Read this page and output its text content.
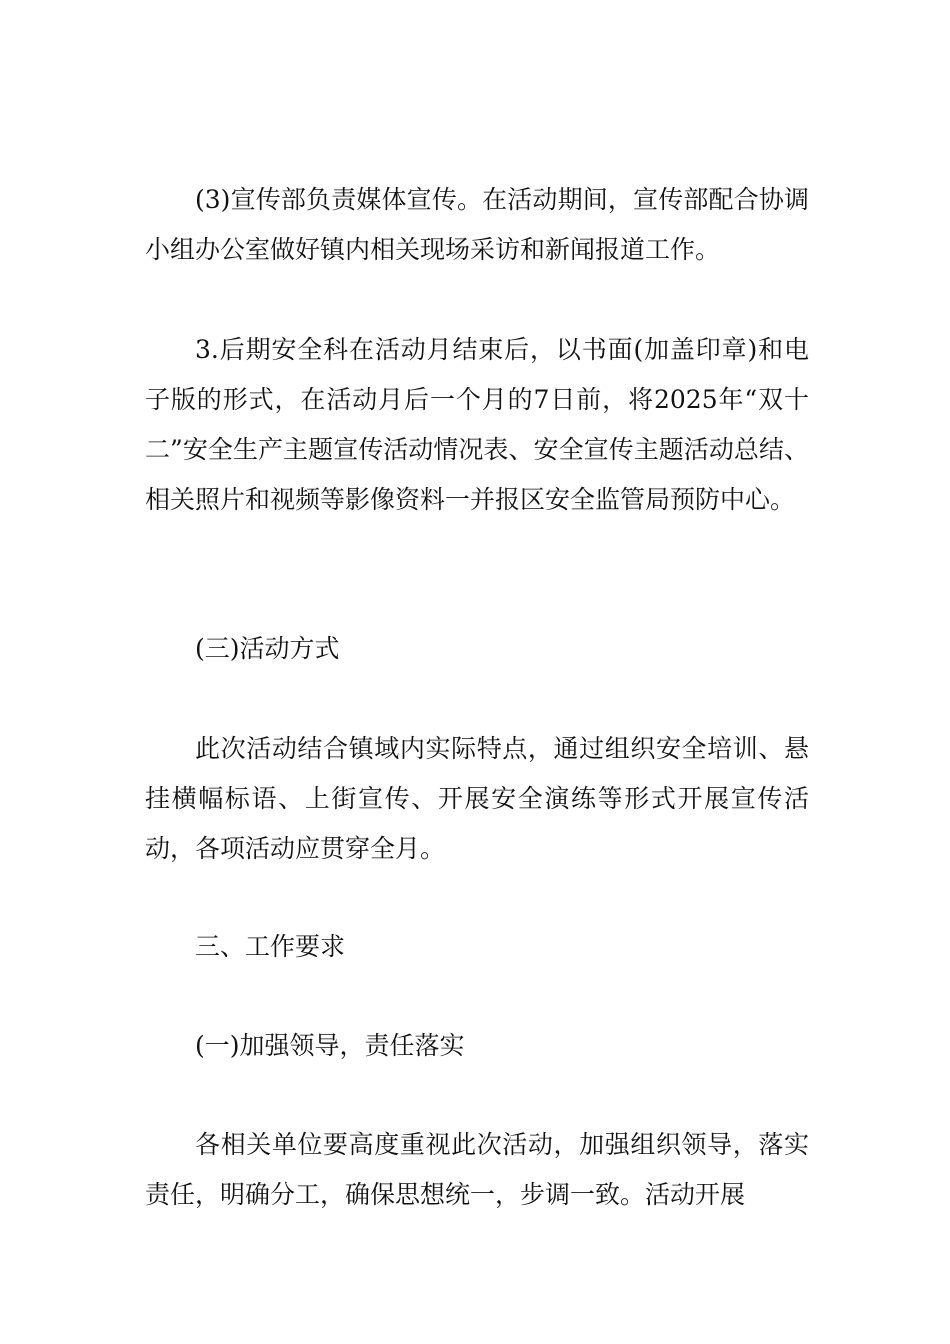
(3)宣传部负责媒体宣传。在活动期间，宣传部配合协调小组办公室做好镇内相关现场采访和新闻报道工作。

3.后期安全科在活动月结束后，以书面(加盖印章)和电子版的形式，在活动月后一个月的7日前，将2025年“双十二”安全生产主题宣传活动情况表、安全宣传主题活动总结、相关照片和视频等影像资料一并报区安全监管局预防中心。

(三)活动方式

此次活动结合镇域内实际特点，通过组织安全培训、悬挂横幅标语、上街宣传、开展安全演练等形式开展宣传活动，各项活动应贯穿全月。

三、工作要求

(一)加强领导，责任落实

各相关单位要高度重视此次活动，加强组织领导，落实责任，明确分工，确保思想统一，步调一致。活动开展
